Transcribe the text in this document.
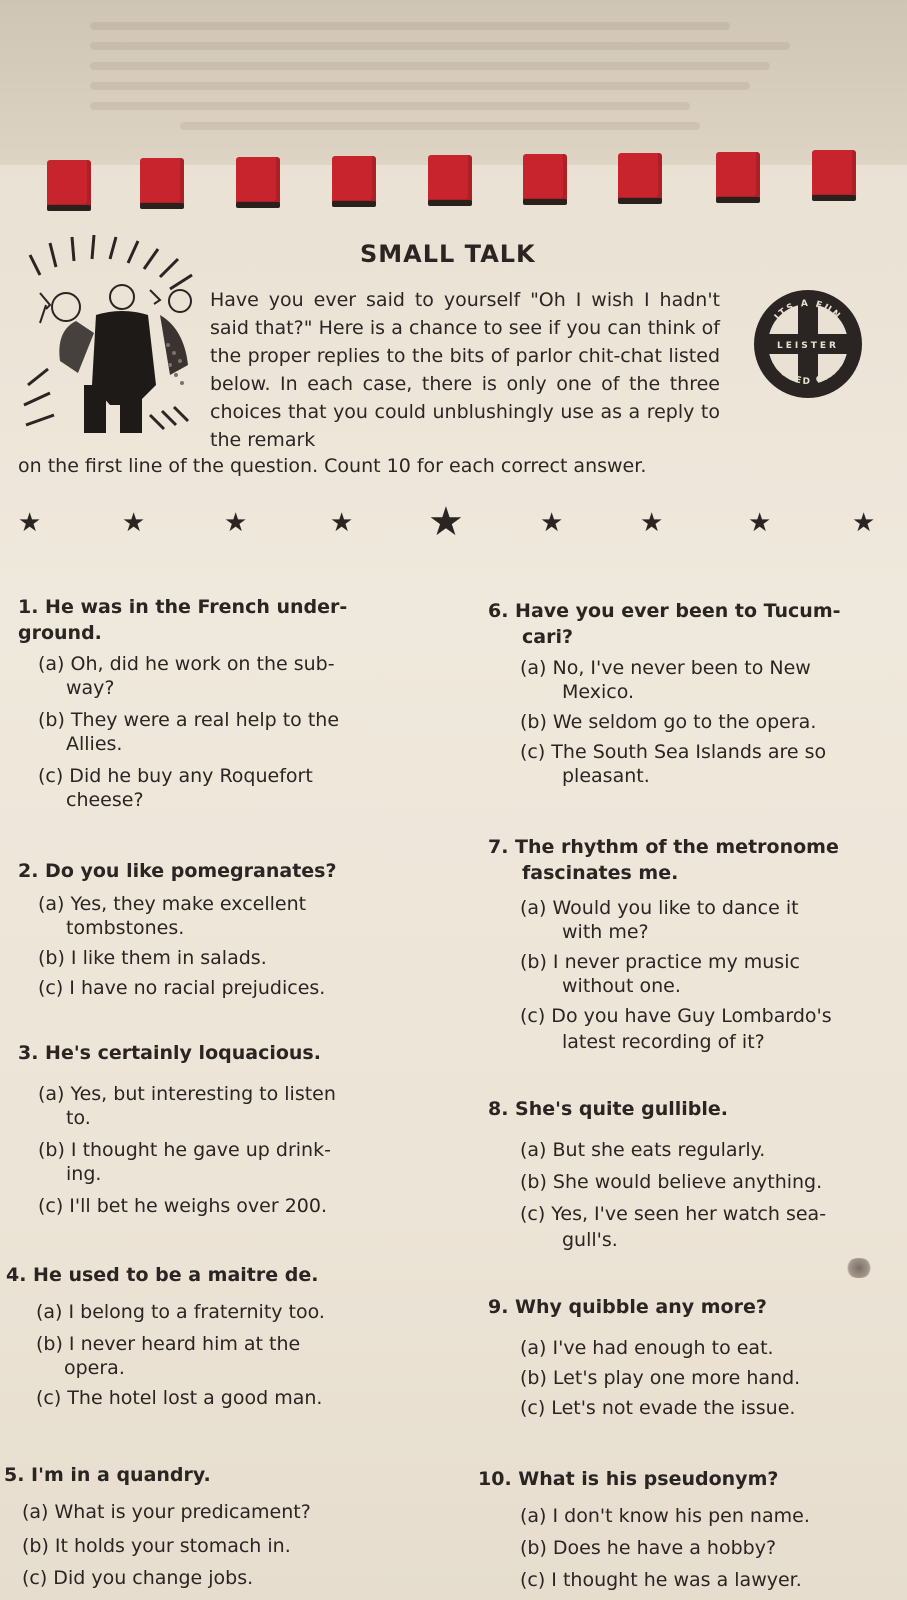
SMALL TALK
Have you ever said to yourself "Oh I wish I hadn't said that?" Here is a chance to see if you can think of the proper replies to the bits of parlor chit-chat listed below. In each case, there is only one of the three choices that you could unblushingly use as a reply to the remark
on the first line of the question. Count 10 for each correct answer.
ITS A FUN
TESTED GAME
LEISTER
★	★	★	★ ★	★	★	★	★
1. He was in the French under-
ground.
(a) Oh, did he work on the sub-
way?
(b) They were a real help to the
Allies.
(c) Did he buy any Roquefort
cheese?
2. Do you like pomegranates?
(a) Yes, they make excellent
tombstones.
(b) I like them in salads.
(c) I have no racial prejudices.
3. He's certainly loquacious.
(a) Yes, but interesting to listen
to.
(b) I thought he gave up drink-
ing.
(c) I'll bet he weighs over 200.
4. He used to be a maitre de.
(a) I belong to a fraternity too.
(b) I never heard him at the
opera.
(c) The hotel lost a good man.
5. I'm in a quandry.
(a) What is your predicament?
(b) It holds your stomach in.
(c) Did you change jobs.
6. Have you ever been to Tucum-
cari?
(a) No, I've never been to New
Mexico.
(b) We seldom go to the opera.
(c) The South Sea Islands are so
pleasant.
7. The rhythm of the metronome
fascinates me.
(a) Would you like to dance it
with me?
(b) I never practice my music
without one.
(c) Do you have Guy Lombardo's
latest recording of it?
8. She's quite gullible.
(a) But she eats regularly.
(b) She would believe anything.
(c) Yes, I've seen her watch sea-
gull's.
9. Why quibble any more?
(a) I've had enough to eat.
(b) Let's play one more hand.
(c) Let's not evade the issue.
10. What is his pseudonym?
(a) I don't know his pen name.
(b) Does he have a hobby?
(c) I thought he was a lawyer.
